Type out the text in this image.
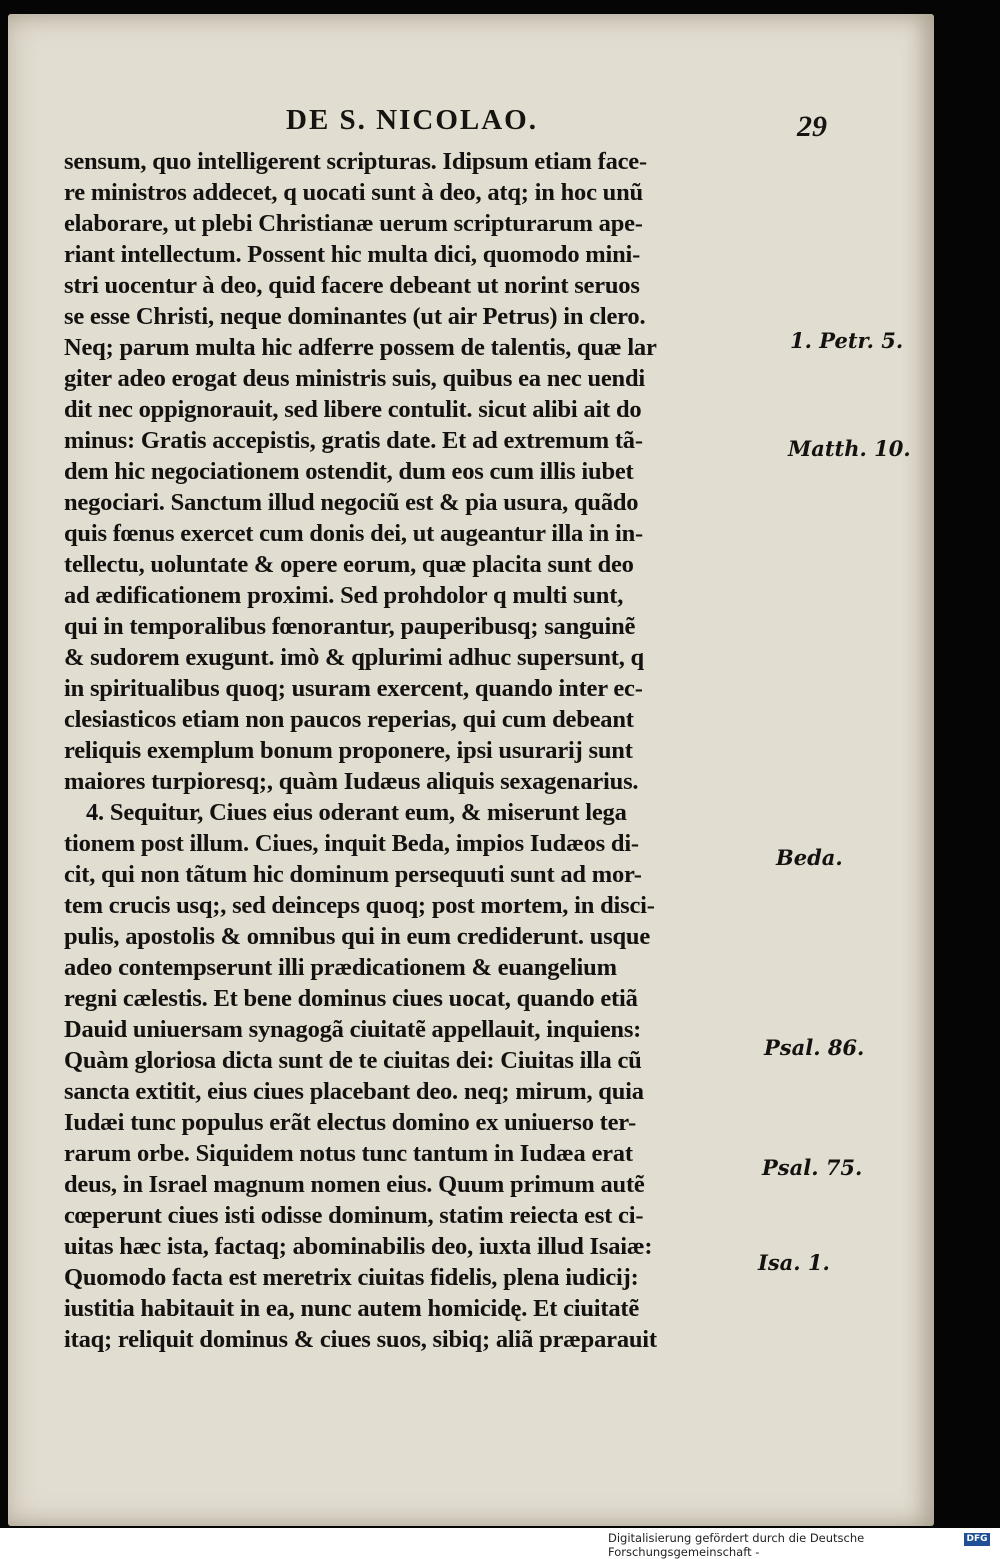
DE S. NICOLAO.	29
sensum, quo intelligerent scripturas. Idipsum etiam face-
re ministros addecet, q uocati sunt à deo, atq; in hoc unũ
elaborare, ut plebi Christianæ uerum scripturarum ape-
riant intellectum. Possent hic multa dici, quomodo mini-
stri uocentur à deo, quid facere debeant ut norint seruos
se esse Christi, neque dominantes (ut air Petrus) in clero.
Neq; parum multa hic adferre possem de talentis, quæ lar
giter adeo erogat deus ministris suis, quibus ea nec uendi
dit nec oppignorauit, sed libere contulit. sicut alibi ait do
minus: Gratis accepistis, gratis date. Et ad extremum tã-
dem hic negociationem ostendit, dum eos cum illis iubet
negociari. Sanctum illud negociũ est & pia usura, quãdo
quis fœnus exercet cum donis dei, ut augeantur illa in in-
tellectu, uoluntate & opere eorum, quæ placita sunt deo
ad ædificationem proximi. Sed prohdolor q multi sunt,
qui in temporalibus fœnorantur, pauperibusq; sanguinẽ
& sudorem exugunt. imò & qplurimi adhuc supersunt, q
in spiritualibus quoq; usuram exercent, quando inter ec-
clesiasticos etiam non paucos reperias, qui cum debeant
reliquis exemplum bonum proponere, ipsi usurarij sunt
maiores turpioresq;, quàm Iudæus aliquis sexagenarius.
4. Sequitur, Ciues eius oderant eum, & miserunt lega
tionem post illum. Ciues, inquit Beda, impios Iudæos di-
cit, qui non tãtum hic dominum persequuti sunt ad mor-
tem crucis usq;, sed deinceps quoq; post mortem, in disci-
pulis, apostolis & omnibus qui in eum crediderunt. usque
adeo contempserunt illi prædicationem & euangelium
regni cælestis. Et bene dominus ciues uocat, quando etiã
Dauid uniuersam synagogã ciuitatẽ appellauit, inquiens:
Quàm gloriosa dicta sunt de te ciuitas dei: Ciuitas illa cũ
sancta extitit, eius ciues placebant deo. neq; mirum, quia
Iudæi tunc populus erãt electus domino ex uniuerso ter-
rarum orbe. Siquidem notus tunc tantum in Iudæa erat
deus, in Israel magnum nomen eius. Quum primum autẽ
cœperunt ciues isti odisse dominum, statim reiecta est ci-
uitas hæc ista, factaq; abominabilis deo, iuxta illud Isaiæ:
Quomodo facta est meretrix ciuitas fidelis, plena iudicij:
iustitia habitauit in ea, nunc autem homicidę. Et ciuitatẽ
itaq; reliquit dominus & ciues suos, sibiq; aliã præparauit
1. Petr. 5.
Matth. 10.
Beda.
Psal. 86.
Psal. 75.
Isa. 1.
Digitalisierung gefördert durch die Deutsche Forschungsgemeinschaft -
DFG
